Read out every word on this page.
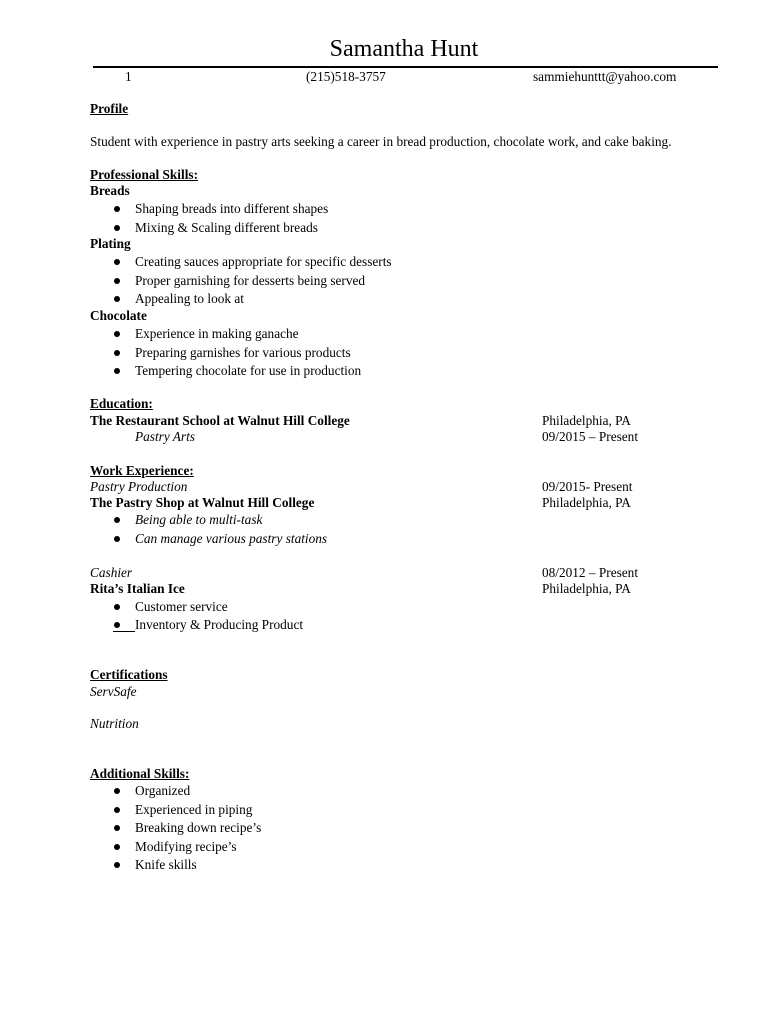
Samantha Hunt
1	(215)518-3757	sammiehunttt@yahoo.com
Profile
Student with experience in pastry arts seeking a career in bread production, chocolate work, and cake baking.
Professional Skills:
Breads
Shaping breads into different shapes
Mixing & Scaling different breads
Plating
Creating sauces appropriate for specific desserts
Proper garnishing for desserts being served
Appealing to look at
Chocolate
Experience in making ganache
Preparing garnishes for various products
Tempering chocolate for use in production
Education:
The Restaurant School at Walnut Hill College	Philadelphia, PA
Pastry Arts	09/2015 – Present
Work Experience:
Pastry Production	09/2015- Present
The Pastry Shop at Walnut Hill College	Philadelphia, PA
Being able to multi-task
Can manage various pastry stations
Cashier	08/2012 – Present
Rita’s Italian Ice	Philadelphia, PA
Customer service
Inventory & Producing Product
Certifications
ServSafe
Nutrition
Additional Skills:
Organized
Experienced in piping
Breaking down recipe’s
Modifying recipe’s
Knife skills
